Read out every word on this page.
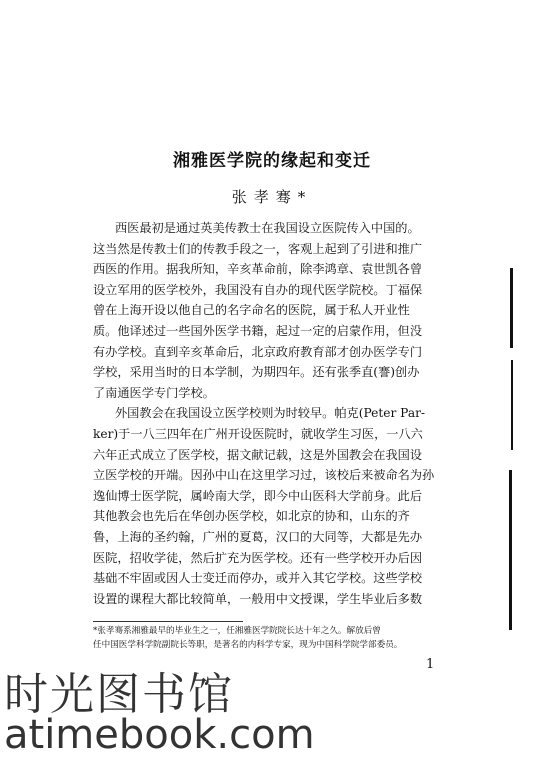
湘雅医学院的缘起和变迁
张孝骞*
西医最初是通过英美传教士在我国设立医院传入中国的。
这当然是传教士们的传教手段之一，客观上起到了引进和推广
西医的作用。据我所知，辛亥革命前，除李鸿章、袁世凯各曾
设立军用的医学校外，我国没有自办的现代医学院校。丁福保
曾在上海开设以他自己的名字命名的医院，属于私人开业性
质。他译述过一些国外医学书籍，起过一定的启蒙作用，但没
有办学校。直到辛亥革命后，北京政府教育部才创办医学专门
学校，采用当时的日本学制，为期四年。还有张季直(謇)创办
了南通医学专门学校。
外国教会在我国设立医学校则为时较早。帕克(Peter Par-
ker)于一八三四年在广州开设医院时，就收学生习医，一八六
六年正式成立了医学校，据文献记载，这是外国教会在我国设
立医学校的开端。因孙中山在这里学习过，该校后来被命名为孙
逸仙博士医学院，属岭南大学，即今中山医科大学前身。此后
其他教会也先后在华创办医学校，如北京的协和，山东的齐
鲁，上海的圣约翰，广州的夏葛，汉口的大同等，大都是先办
医院，招收学徒，然后扩充为医学校。还有一些学校开办后因
基础不牢固或因人士变迁而停办，或并入其它学校。这些学校
设置的课程大都比较简单，一般用中文授课，学生毕业后多数
*张孝骞系湘雅最早的毕业生之一，任湘雅医学院院长达十年之久。解放后曾
任中国医学科学院副院长等职，是著名的内科学专家，现为中国科学院学部委员。
1
时光图书馆
atimebook.com
